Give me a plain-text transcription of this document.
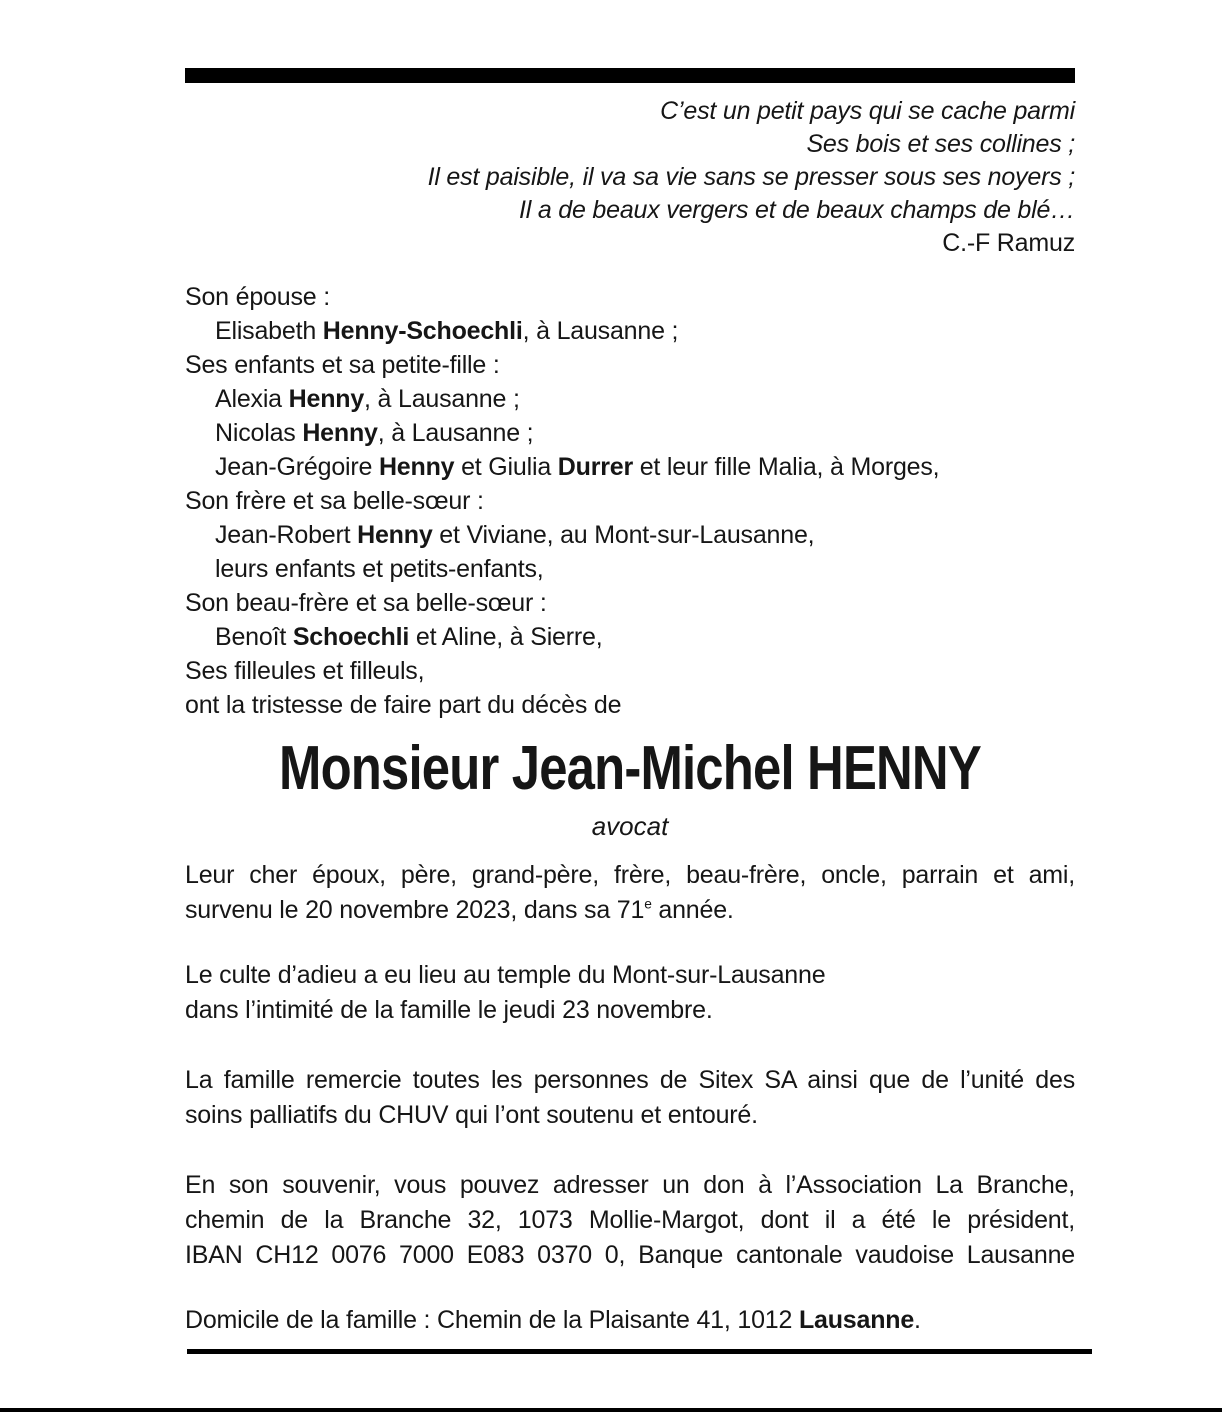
C’est un petit pays qui se cache parmi
Ses bois et ses collines ;
Il est paisible, il va sa vie sans se presser sous ses noyers ;
Il a de beaux vergers et de beaux champs de blé…
C.-F Ramuz
Son épouse :
Elisabeth Henny-Schoechli, à Lausanne ;
Ses enfants et sa petite-fille :
Alexia Henny, à Lausanne ;
Nicolas Henny, à Lausanne ;
Jean-Grégoire Henny et Giulia Durrer et leur fille Malia, à Morges,
Son frère et sa belle-sœur :
Jean-Robert Henny et Viviane, au Mont-sur-Lausanne,
leurs enfants et petits-enfants,
Son beau-frère et sa belle-sœur :
Benoît Schoechli et Aline, à Sierre,
Ses filleules et filleuls,
ont la tristesse de faire part du décès de
Monsieur Jean-Michel HENNY
avocat
Leur cher époux, père, grand-père, frère, beau-frère, oncle, parrain et ami,
survenu le 20 novembre 2023, dans sa 71e année.
Le culte d’adieu a eu lieu au temple du Mont-sur-Lausanne
dans l’intimité de la famille le jeudi 23 novembre.
La famille remercie toutes les personnes de Sitex SA ainsi que de l’unité des
soins palliatifs du CHUV qui l’ont soutenu et entouré.
En son souvenir, vous pouvez adresser un don à l’Association La Branche,
chemin de la Branche 32, 1073 Mollie-Margot, dont il a été le président,
IBAN CH12 0076 7000 E083 0370 0, Banque cantonale vaudoise Lausanne
Domicile de la famille : Chemin de la Plaisante 41, 1012 Lausanne.
